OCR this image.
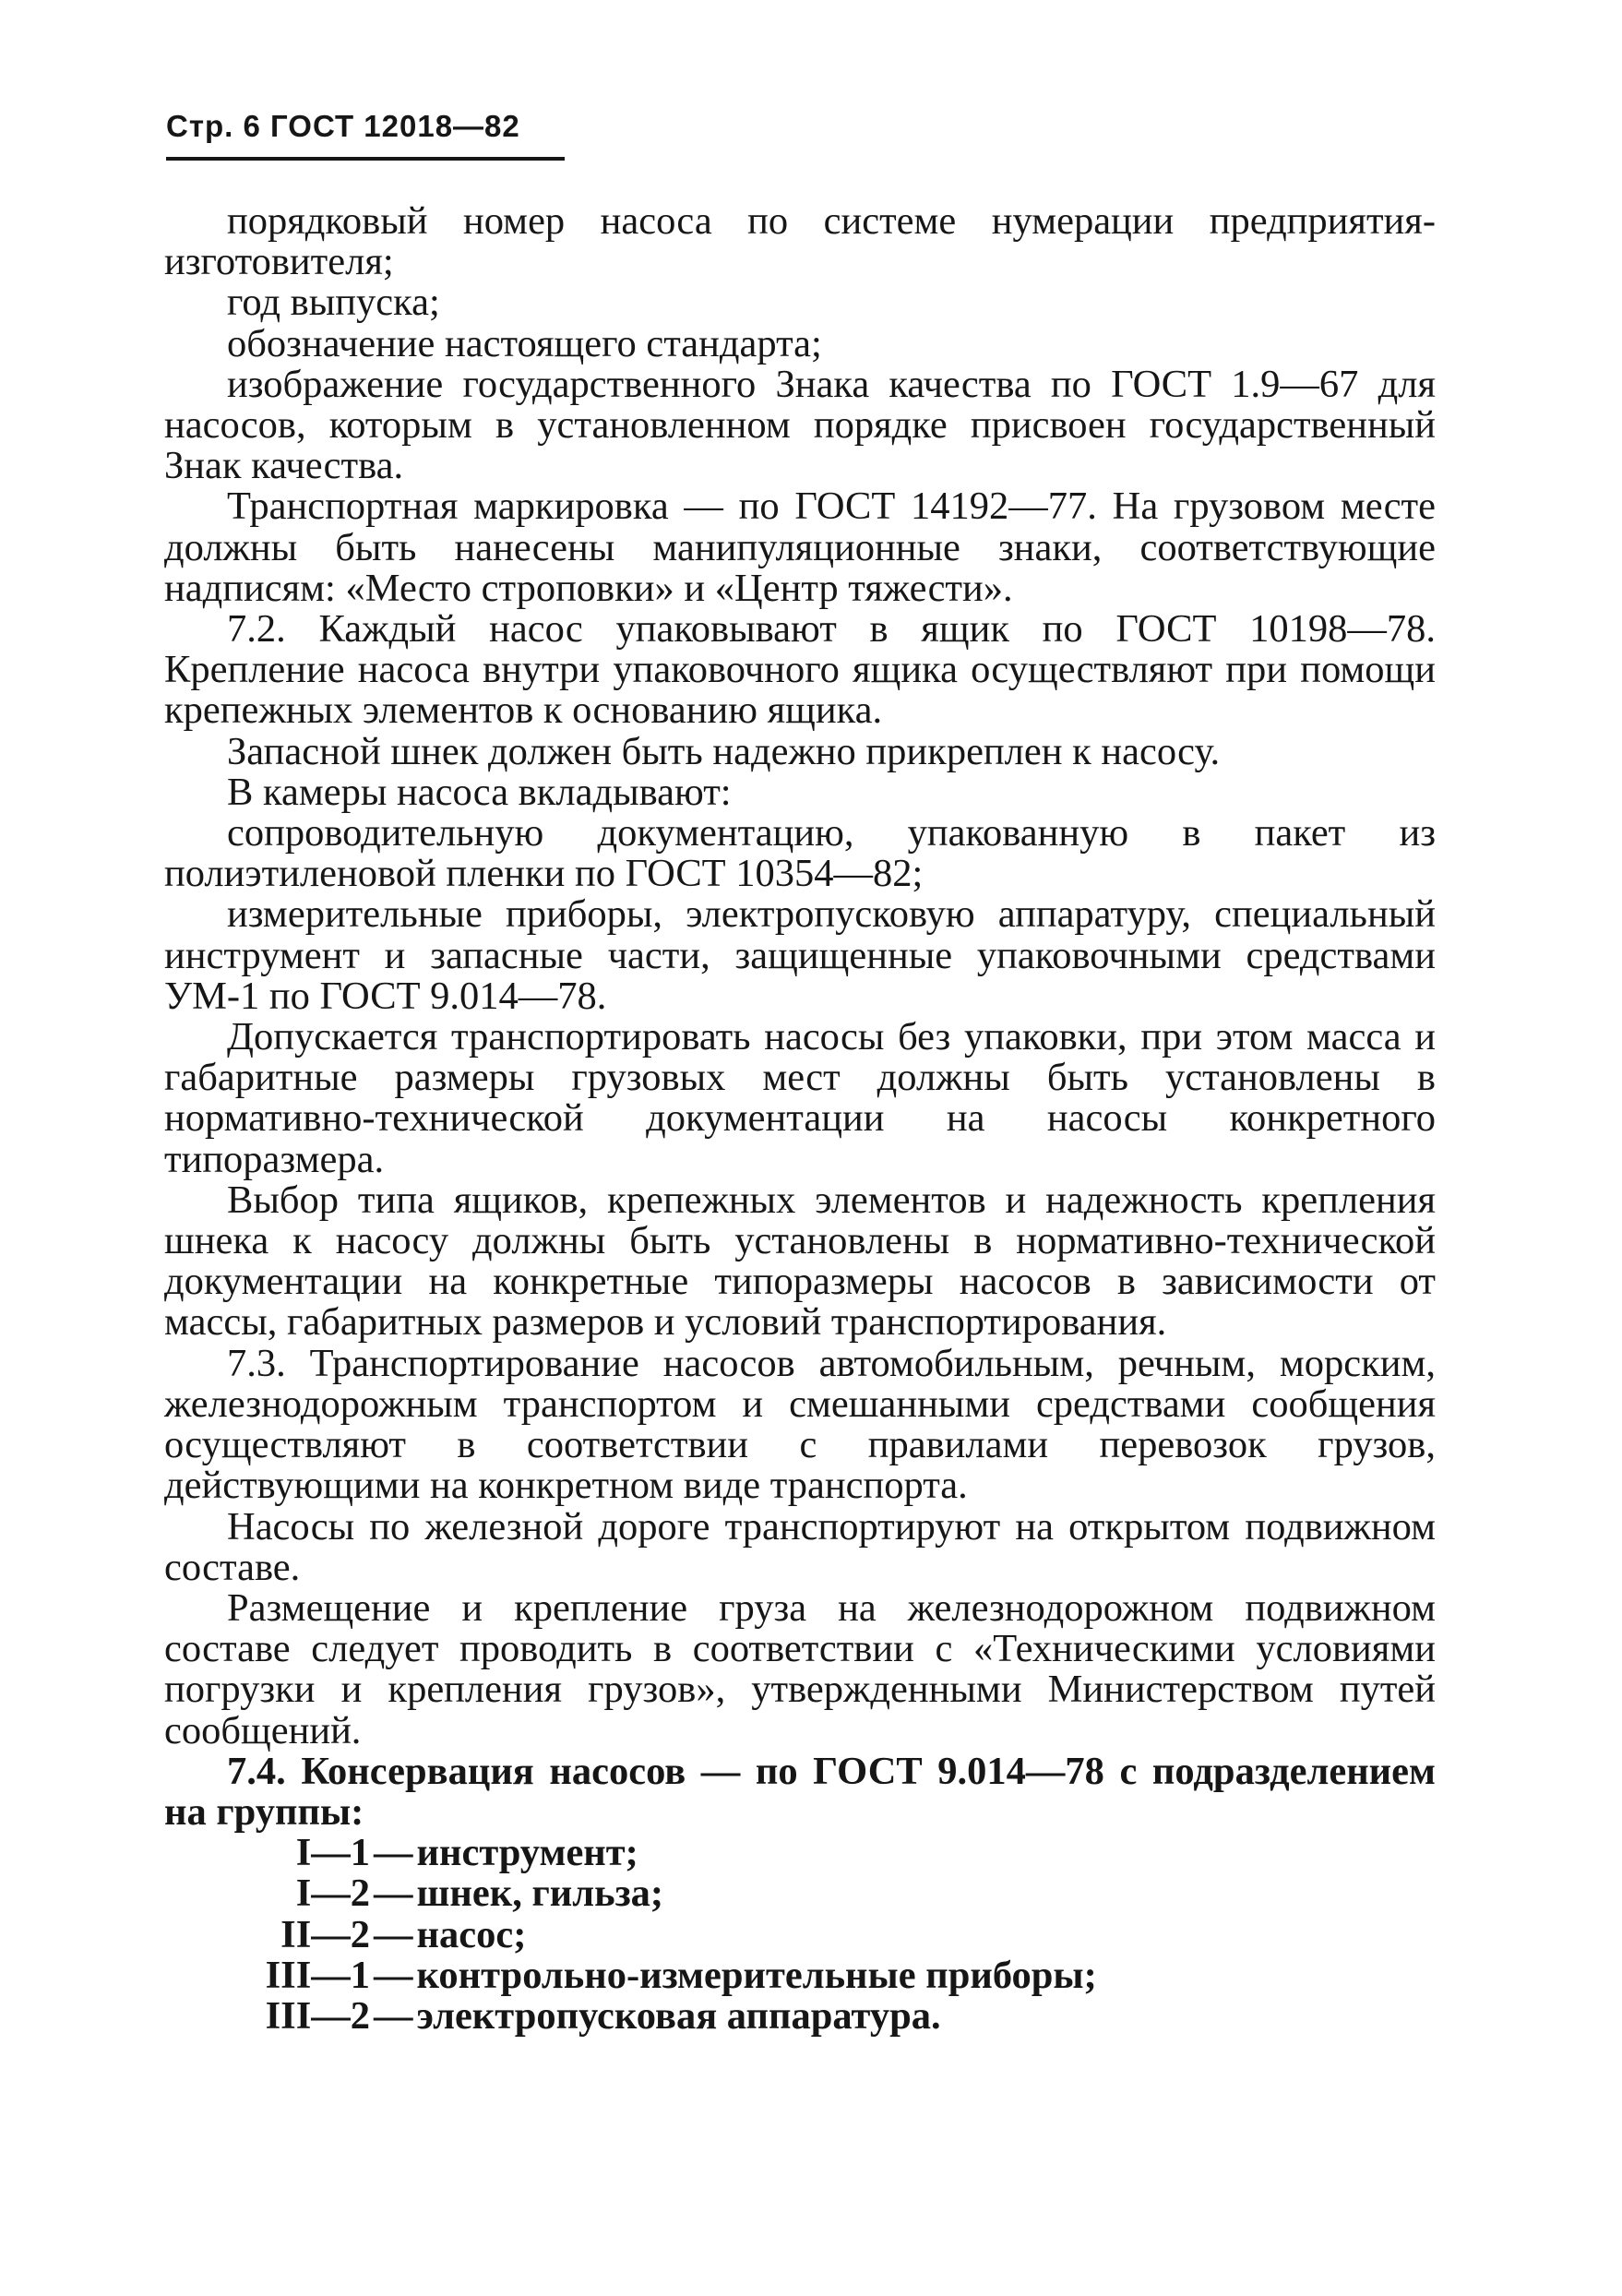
Стр. 6 ГОСТ 12018—82

порядковый номер насоса по системе нумерации предприятия-изготовителя;

год выпуска;

обозначение настоящего стандарта;

изображение государственного Знака качества по ГОСТ 1.9—67 для насосов, которым в установленном порядке присвоен государственный Знак качества.

Транспортная маркировка — по ГОСТ 14192—77. На грузовом месте должны быть нанесены манипуляционные знаки, соответствующие надписям: «Место строповки» и «Центр тяжести».

7.2. Каждый насос упаковывают в ящик по ГОСТ 10198—78. Крепление насоса внутри упаковочного ящика осуществляют при помощи крепежных элементов к основанию ящика.

Запасной шнек должен быть надежно прикреплен к насосу.

В камеры насоса вкладывают:

сопроводительную документацию, упакованную в пакет из полиэтиленовой пленки по ГОСТ 10354—82;

измерительные приборы, электропусковую аппаратуру, специальный инструмент и запасные части, защищенные упаковочными средствами УМ-1 по ГОСТ 9.014—78.

Допускается транспортировать насосы без упаковки, при этом масса и габаритные размеры грузовых мест должны быть установлены в нормативно-технической документации на насосы конкретного типоразмера.

Выбор типа ящиков, крепежных элементов и надежность крепления шнека к насосу должны быть установлены в нормативно-технической документации на конкретные типоразмеры насосов в зависимости от массы, габаритных размеров и условий транспортирования.

7.3. Транспортирование насосов автомобильным, речным, морским, железнодорожным транспортом и смешанными средствами сообщения осуществляют в соответствии с правилами перевозок грузов, действующими на конкретном виде транспорта.

Насосы по железной дороге транспортируют на открытом подвижном составе.

Размещение и крепление груза на железнодорожном подвижном составе следует проводить в соответствии с «Техническими условиями погрузки и крепления грузов», утвержденными Министерством путей сообщений.

7.4. Консервация насосов — по ГОСТ 9.014—78 с подразделением на группы:

I—1 — инструмент;
I—2 — шнек, гильза;
II—2 — насос;
III—1 — контрольно-измерительные приборы;
III—2 — электропусковая аппаратура.
